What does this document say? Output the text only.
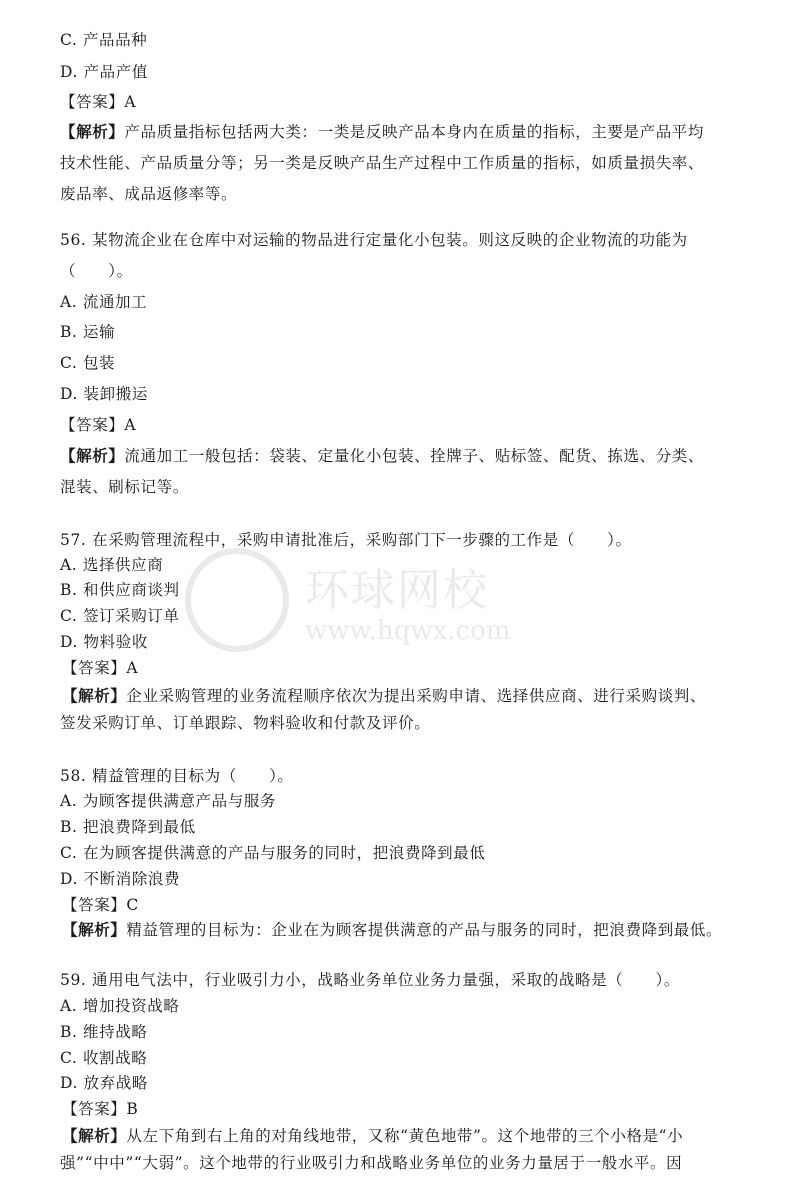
环球网校
www.hqwx.com
C. 产品品种
D. 产品产值
【答案】A
【解析】产品质量指标包括两大类：一类是反映产品本身内在质量的指标，主要是产品平均
技术性能、产品质量分等；另一类是反映产品生产过程中工作质量的指标，如质量损失率、
废品率、成品返修率等。
56. 某物流企业在仓库中对运输的物品进行定量化小包装。则这反映的企业物流的功能为
（　　）。
A. 流通加工
B. 运输
C. 包装
D. 装卸搬运
【答案】A
【解析】流通加工一般包括：袋装、定量化小包装、拴牌子、贴标签、配货、拣选、分类、
混装、刷标记等。
57. 在采购管理流程中，采购申请批准后，采购部门下一步骤的工作是（　　）。
A. 选择供应商
B. 和供应商谈判
C. 签订采购订单
D. 物料验收
【答案】A
【解析】企业采购管理的业务流程顺序依次为提出采购申请、选择供应商、进行采购谈判、
签发采购订单、订单跟踪、物料验收和付款及评价。
58. 精益管理的目标为（　　）。
A. 为顾客提供满意产品与服务
B. 把浪费降到最低
C. 在为顾客提供满意的产品与服务的同时，把浪费降到最低
D. 不断消除浪费
【答案】C
【解析】精益管理的目标为：企业在为顾客提供满意的产品与服务的同时，把浪费降到最低。
59. 通用电气法中，行业吸引力小，战略业务单位业务力量强，采取的战略是（　　）。
A. 增加投资战略
B. 维持战略
C. 收割战略
D. 放弃战略
【答案】B
【解析】从左下角到右上角的对角线地带，又称“黄色地带”。这个地带的三个小格是“小
强”“中中”“大弱”。这个地带的行业吸引力和战略业务单位的业务力量居于一般水平。因
